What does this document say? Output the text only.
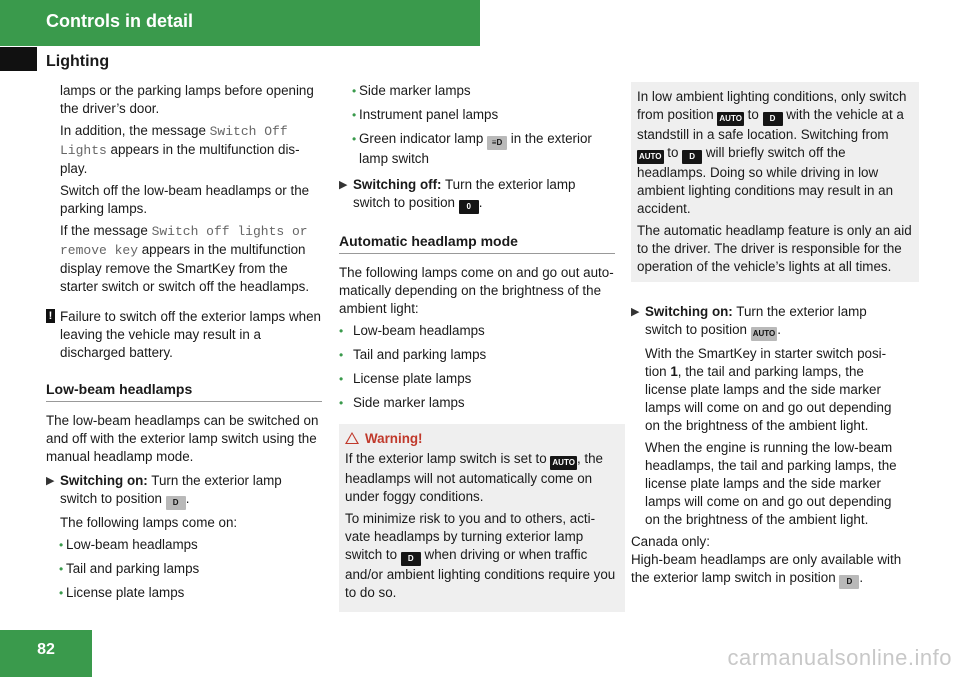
Controls in detail
Lighting

lamps or the parking lamps before opening the driver’s door.

In addition, the message Switch Off Lights appears in the multifunction dis-play.

Switch off the low-beam headlamps or the parking lamps.

If the message Switch off lights or remove key appears in the multifunction display remove the SmartKey from the starter switch or switch off the headlamps.

! Failure to switch off the exterior lamps when leaving the vehicle may result in a discharged battery.

Low-beam headlamps

The low-beam headlamps can be switched on and off with the exterior lamp switch using the manual headlamp mode.

▶ Switching on: Turn the exterior lamp switch to position D .

The following lamps come on:

• Low-beam headlamps
• Tail and parking lamps
• License plate lamps
• Side marker lamps
• Instrument panel lamps
• Green indicator lamp ≡D in the exterior lamp switch
▶ Switching off: Turn the exterior lamp switch to position 0 .
Automatic headlamp mode

The following lamps come on and go out auto-matically depending on the brightness of the ambient light:

• Low-beam headlamps
• Tail and parking lamps
• License plate lamps
• Side marker lamps
Warning!

If the exterior lamp switch is set to AUTO , the headlamps will not automatically come on under foggy conditions.

To minimize risk to you and to others, acti-vate headlamps by turning exterior lamp switch to D when driving or when traffic and/or ambient lighting conditions require you to do so.

In low ambient lighting conditions, only switch from position AUTO to D with the vehicle at a standstill in a safe location. Switching from AUTO to D will briefly switch off the headlamps. Doing so while driving in low ambient lighting conditions may result in an accident.

The automatic headlamp feature is only an aid to the driver. The driver is responsible for the operation of the vehicle’s lights at all times.

▶ Switching on: Turn the exterior lamp switch to position AUTO .

With the SmartKey in starter switch posi-tion 1, the tail and parking lamps, the license plate lamps and the side marker lamps will come on and go out depending on the brightness of the ambient light.

When the engine is running the low-beam headlamps, the tail and parking lamps, the license plate lamps and the side marker lamps will come on and go out depending on the brightness of the ambient light.

Canada only:

High-beam headlamps are only available with the exterior lamp switch in position D .

82	carmanualsonline.info
